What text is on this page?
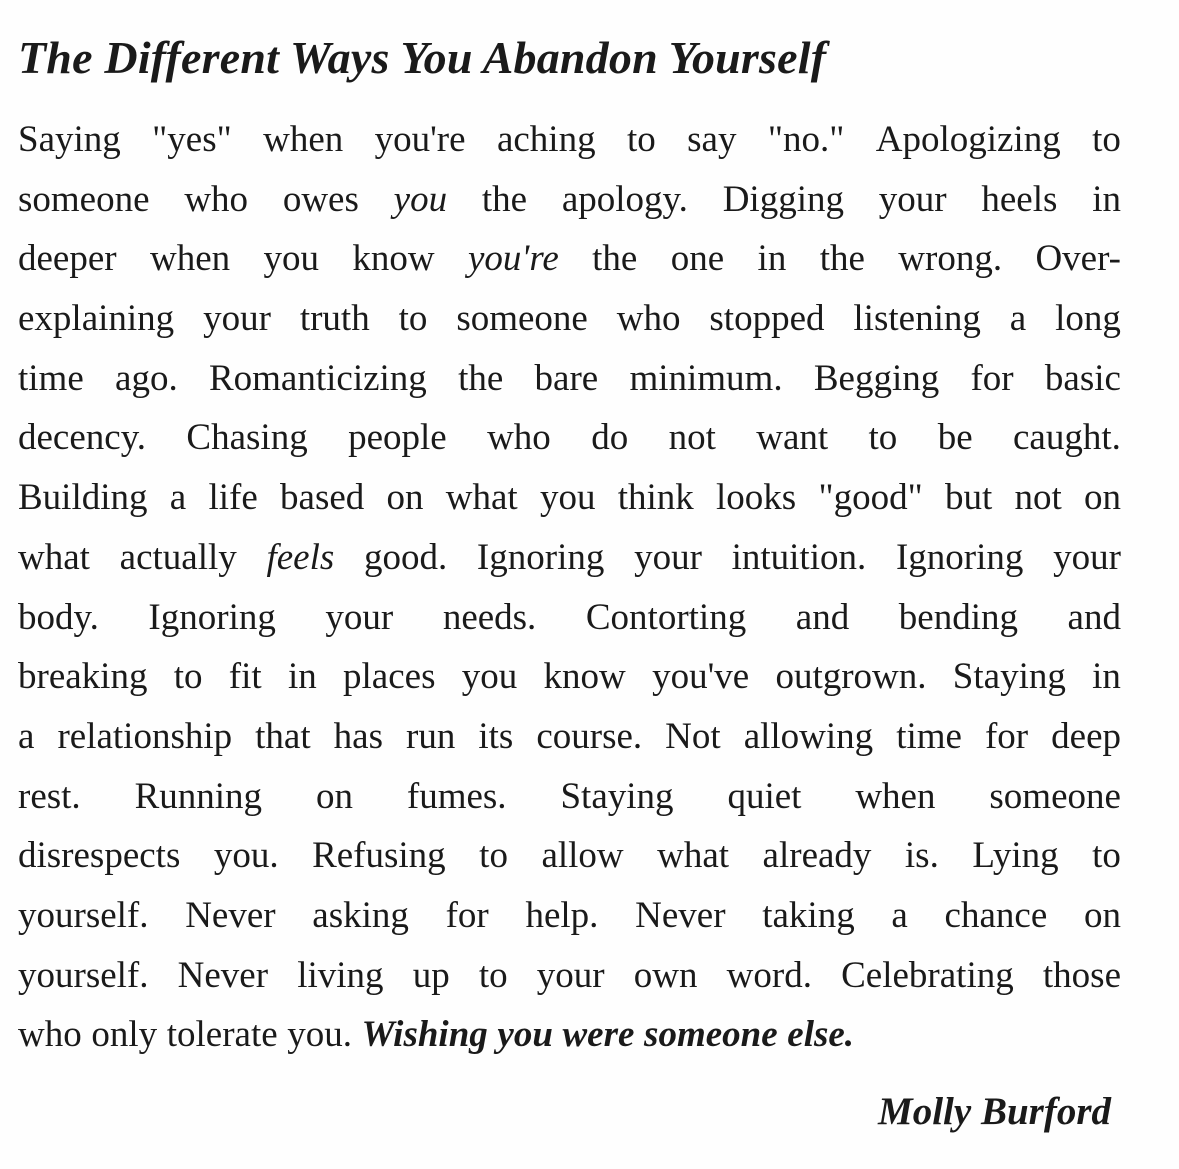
The Different Ways You Abandon Yourself
Saying "yes" when you're aching to say "no." Apologizing to
someone who owes you the apology. Digging your heels in
deeper when you know you're the one in the wrong. Over-
explaining your truth to someone who stopped listening a long
time ago. Romanticizing the bare minimum. Begging for basic
decency. Chasing people who do not want to be caught.
Building a life based on what you think looks "good" but not on
what actually feels good. Ignoring your intuition. Ignoring your
body. Ignoring your needs. Contorting and bending and
breaking to fit in places you know you've outgrown. Staying in
a relationship that has run its course. Not allowing time for deep
rest. Running on fumes. Staying quiet when someone
disrespects you. Refusing to allow what already is. Lying to
yourself. Never asking for help. Never taking a chance on
yourself. Never living up to your own word. Celebrating those
who only tolerate you. Wishing you were someone else.
Molly Burford
